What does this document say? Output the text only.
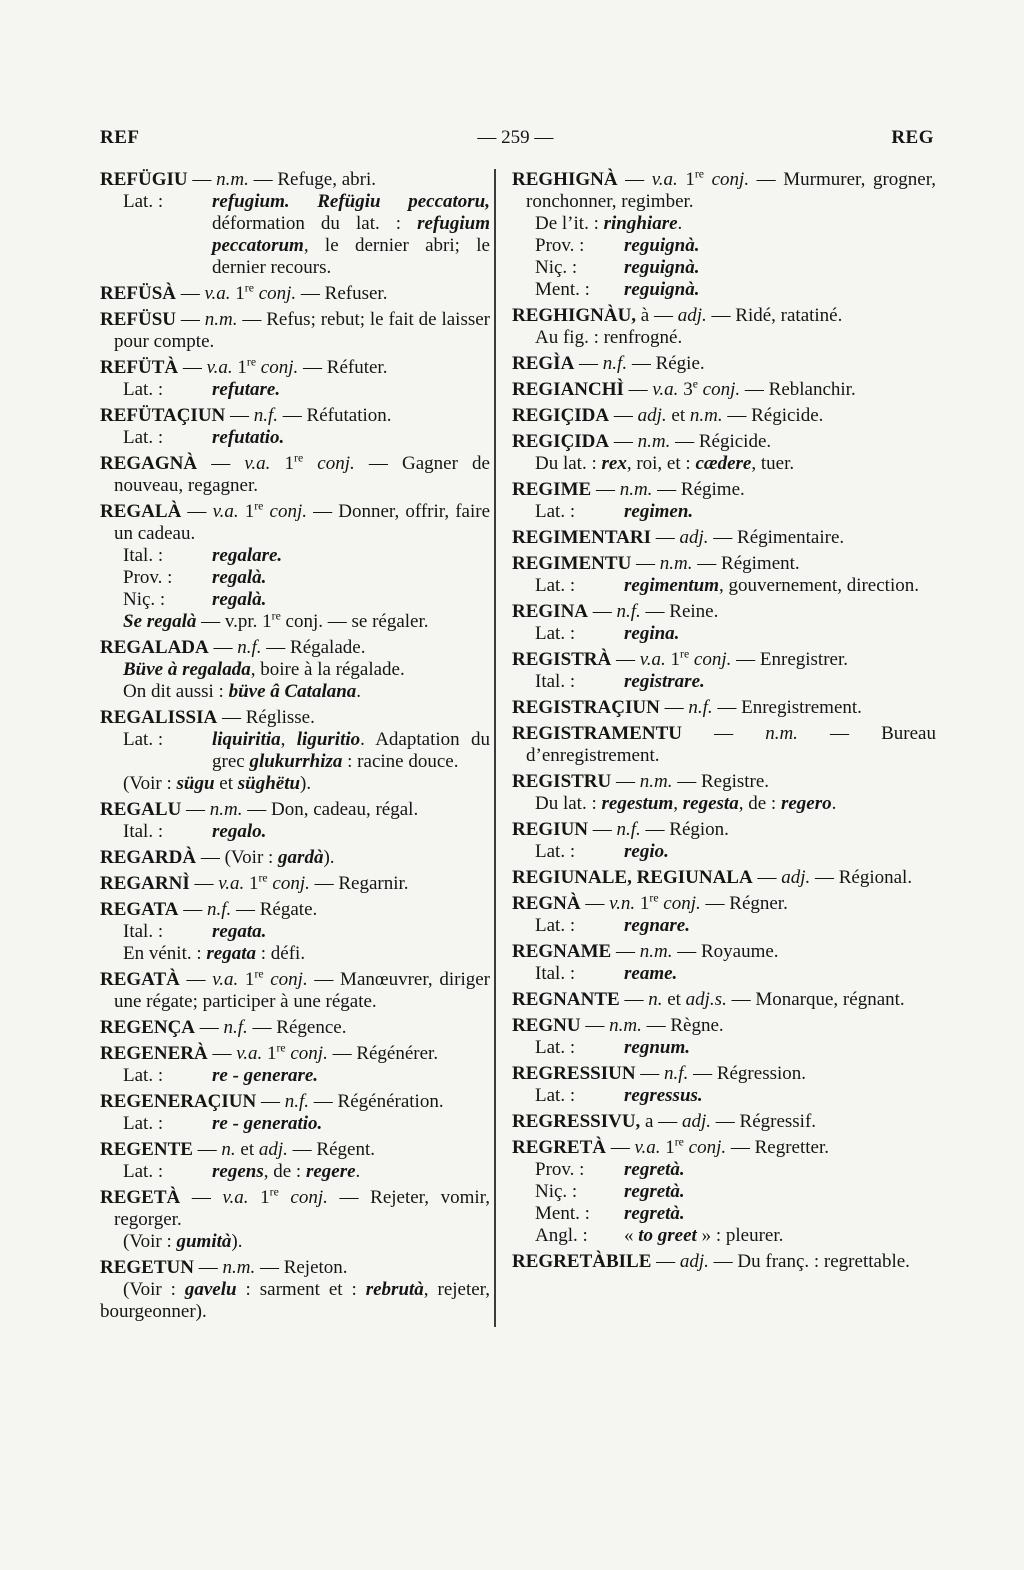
REF	— 259 —	REG
REFÜGIU — n.m. — Refuge, abri.
Lat. :	refugium. Refügiu peccatoru, déformation du lat. : refugium peccatorum, le dernier abri; le dernier recours.
REFÜSÀ — v.a. 1re conj. — Refuser.
REFÜSU — n.m. — Refus; rebut; le fait de laisser pour compte.
REFÜTÀ — v.a. 1re conj. — Réfuter.
Lat. :	refutare.
REFÜTAÇIUN — n.f. — Réfutation.
Lat. :	refutatio.
REGAGNÀ — v.a. 1re conj. — Gagner de nouveau, regagner.
REGALÀ — v.a. 1re conj. — Donner, offrir, faire un cadeau.
Ital. :	regalare.
Prov. :	regalà.
Niç. :	regalà.
Se regalà — v.pr. 1re conj. — se régaler.
REGALADA — n.f. — Régalade.
Büve à regalada, boire à la régalade.
On dit aussi : büve â Catalana.
REGALISSIA — Réglisse.
Lat. :	liquiritia, liguritio. Adaptation du grec glukurrhiza : racine douce.
(Voir : sügu et süghëtu).
REGALU — n.m. — Don, cadeau, régal.
Ital. :	regalo.
REGARDÀ — (Voir : gardà).
REGARNÌ — v.a. 1re conj. — Regarnir.
REGATA — n.f. — Régate.
Ital. :	regata.
En vénit. : regata : défi.
REGATÀ — v.a. 1re conj. — Manœuvrer, diriger une régate; participer à une régate.
REGENÇA — n.f. — Régence.
REGENERÀ — v.a. 1re conj. — Régénérer.
Lat. :	re - generare.
REGENERAÇIUN — n.f. — Régénération.
Lat. :	re - generatio.
REGENTE — n. et adj. — Régent.
Lat. :	regens, de : regere.
REGETÀ — v.a. 1re conj. — Rejeter, vomir, regorger.
(Voir : gumità).
REGETUN — n.m. — Rejeton.
(Voir : gavelu : sarment et : rebrutà, rejeter, bourgeonner).
REGHIGNÀ — v.a. 1re conj. — Murmurer, grogner, ronchonner, regimber.
De l’it. : ringhiare.
Prov. :	reguignà.
Niç. :	reguignà.
Ment. :	reguignà.
REGHIGNÀU, à — adj. — Ridé, ratatiné.
Au fig. : renfrogné.
REGÌA — n.f. — Régie.
REGIANCHÌ — v.a. 3e conj. — Reblanchir.
REGIÇIDA — adj. et n.m. — Régicide.
REGIÇIDA — n.m. — Régicide.
Du lat. : rex, roi, et : cædere, tuer.
REGIME — n.m. — Régime.
Lat. :	regimen.
REGIMENTARI — adj. — Régimentaire.
REGIMENTU — n.m. — Régiment.
Lat. :	regimentum, gouvernement, direction.
REGINA — n.f. — Reine.
Lat. :	regina.
REGISTRÀ — v.a. 1re conj. — Enregistrer.
Ital. :	registrare.
REGISTRAÇIUN — n.f. — Enregistrement.
REGISTRAMENTU — n.m. — Bureau d’enregistrement.
REGISTRU — n.m. — Registre.
Du lat. : regestum, regesta, de : regero.
REGIUN — n.f. — Région.
Lat. :	regio.
REGIUNALE, REGIUNALA — adj. — Régional.
REGNÀ — v.n. 1re conj. — Régner.
Lat. :	regnare.
REGNAME — n.m. — Royaume.
Ital. :	reame.
REGNANTE — n. et adj.s. — Monarque, régnant.
REGNU — n.m. — Règne.
Lat. :	regnum.
REGRESSIUN — n.f. — Régression.
Lat. :	regressus.
REGRESSIVU, a — adj. — Régressif.
REGRETÀ — v.a. 1re conj. — Regretter.
Prov. :	regretà.
Niç. :	regretà.
Ment. :	regretà.
Angl. :	« to greet » : pleurer.
REGRETÀBILE — adj. — Du franç. : regrettable.
